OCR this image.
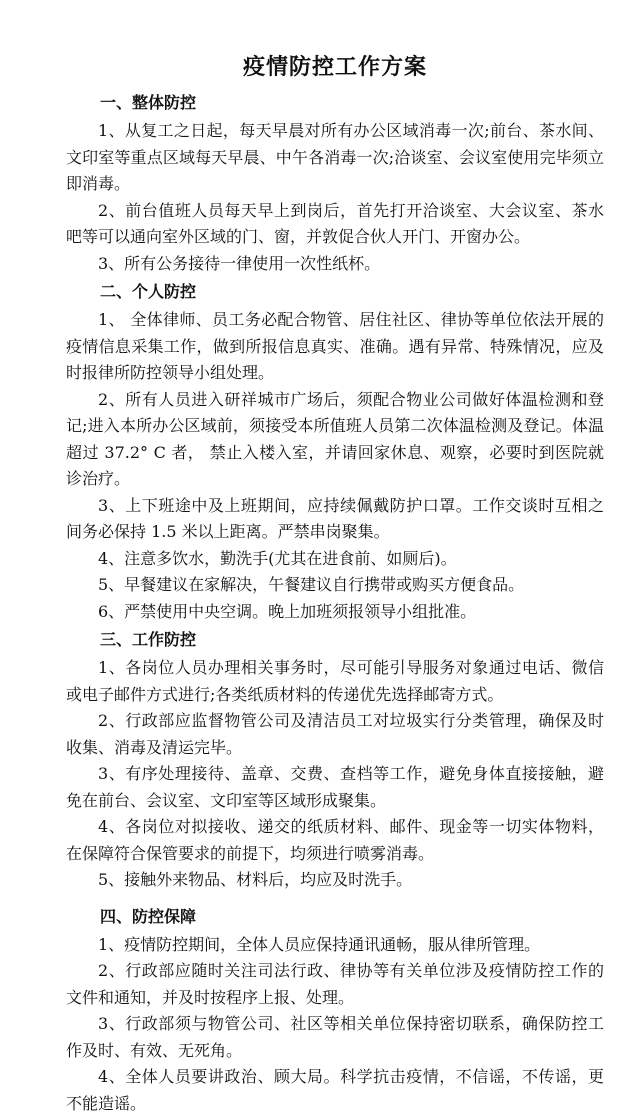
疫情防控工作方案
一、整体防控

1、从复工之日起，每天早晨对所有办公区域消毒一次;前台、茶水间、文印室等重点区域每天早晨、中午各消毒一次;洽谈室、会议室使用完毕须立即消毒。

2、前台值班人员每天早上到岗后，首先打开洽谈室、大会议室、茶水吧等可以通向室外区域的门、窗，并敦促合伙人开门、开窗办公。

3、所有公务接待一律使用一次性纸杯。

二、个人防控

1、 全体律师、员工务必配合物管、居住社区、律协等单位依法开展的疫情信息采集工作，做到所报信息真实、准确。遇有异常、特殊情况，应及时报律所防控领导小组处理。

2、所有人员进入研祥城市广场后，须配合物业公司做好体温检测和登记;进入本所办公区域前，须接受本所值班人员第二次体温检测及登记。体温超过 37.2° C 者， 禁止入楼入室，并请回家休息、观察，必要时到医院就诊治疗。

3、上下班途中及上班期间，应持续佩戴防护口罩。工作交谈时互相之间务必保持 1.5 米以上距离。严禁串岗聚集。

4、注意多饮水，勤洗手(尤其在进食前、如厕后)。

5、早餐建议在家解决，午餐建议自行携带或购买方便食品。

6、严禁使用中央空调。晚上加班须报领导小组批准。

三、工作防控

1、各岗位人员办理相关事务时，尽可能引导服务对象通过电话、微信或电子邮件方式进行;各类纸质材料的传递优先选择邮寄方式。

2、行政部应监督物管公司及清洁员工对垃圾实行分类管理，确保及时收集、消毒及清运完毕。

3、有序处理接待、盖章、交费、查档等工作，避免身体直接接触，避免在前台、会议室、文印室等区域形成聚集。

4、各岗位对拟接收、递交的纸质材料、邮件、现金等一切实体物料，在保障符合保管要求的前提下，均须进行喷雾消毒。

5、接触外来物品、材料后，均应及时洗手。

四、防控保障

1、疫情防控期间，全体人员应保持通讯通畅，服从律所管理。

2、行政部应随时关注司法行政、律协等有关单位涉及疫情防控工作的文件和通知，并及时按程序上报、处理。

3、行政部须与物管公司、社区等相关单位保持密切联系，确保防控工作及时、有效、无死角。

4、全体人员要讲政治、顾大局。科学抗击疫情，不信谣，不传谣，更不能造谣。
